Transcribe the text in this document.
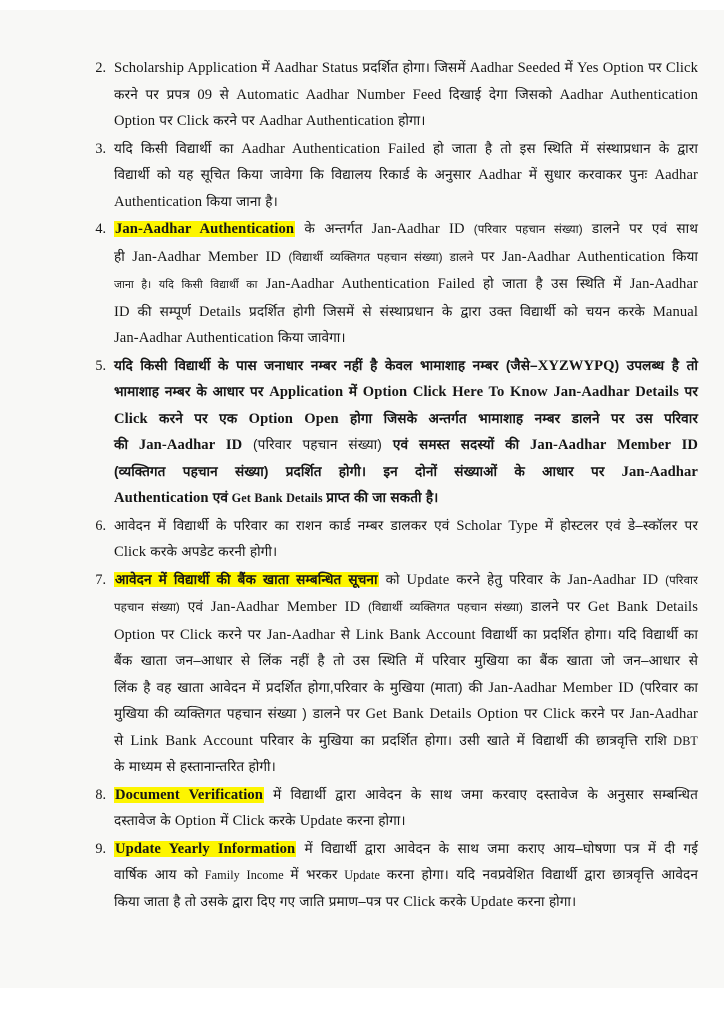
2. Scholarship Application में Aadhar Status प्रदर्शित होगा। जिसमें Aadhar Seeded में Yes Option पर Click
करने पर प्रपत्र 09 से Automatic Aadhar Number Feed दिखाई देगा जिसको Aadhar Authentication
Option पर Click करने पर Aadhar Authentication होगा।
3. यदि किसी विद्यार्थी का Aadhar Authentication Failed हो जाता है तो इस स्थिति में संस्थाप्रधान के द्वारा
विद्यार्थी को यह सूचित किया जावेगा कि विद्यालय रिकार्ड के अनुसार Aadhar में सुधार करवाकर पुनः Aadhar
Authentication किया जाना है।
4. Jan-Aadhar Authentication के अन्तर्गत Jan-Aadhar ID (परिवार पहचान संख्या) डालने पर एवं साथ
ही Jan-Aadhar Member ID (विद्यार्थी व्यक्तिगत पहचान संख्या) डालने पर Jan-Aadhar Authentication किया
जाना है। यदि किसी विद्यार्थी का Jan-Aadhar Authentication Failed हो जाता है उस स्थिति में Jan-Aadhar
ID की सम्पूर्ण Details प्रदर्शित होगी जिसमें से संस्थाप्रधान के द्वारा उक्त विद्यार्थी को चयन करके Manual
Jan-Aadhar Authentication किया जावेगा।
5. यदि किसी विद्यार्थी के पास जनाधार नम्बर नहीं है केवल भामाशाह नम्बर (जैसे–XYZWYPQ) उपलब्ध है तो
भामाशाह नम्बर के आधार पर Application में Option Click Here To Know Jan-Aadhar Details पर
Click करने पर एक Option Open होगा जिसके अन्तर्गत भामाशाह नम्बर डालने पर उस परिवार
की Jan-Aadhar ID (परिवार पहचान संख्या) एवं समस्त सदस्यों की Jan-Aadhar Member ID
(व्यक्तिगत पहचान संख्या) प्रदर्शित होगी। इन दोनों संख्याओं के आधार पर Jan-Aadhar
Authentication एवं Get Bank Details प्राप्त की जा सकती है।
6. आवेदन में विद्यार्थी के परिवार का राशन कार्ड नम्बर डालकर एवं Scholar Type में होस्टलर एवं डे–स्कॉलर पर
Click करके अपडेट करनी होगी।
7. आवेदन में विद्यार्थी की बैंक खाता सम्बन्धित सूचना को Update करने हेतु परिवार के Jan-Aadhar ID (परिवार
पहचान संख्या) एवं Jan-Aadhar Member ID (विद्यार्थी व्यक्तिगत पहचान संख्या) डालने पर Get Bank Details
Option पर Click करने पर Jan-Aadhar से Link Bank Account विद्यार्थी का प्रदर्शित होगा। यदि विद्यार्थी का
बैंक खाता जन–आधार से लिंक नहीं है तो उस स्थिति में परिवार मुखिया का बैंक खाता जो जन–आधार से
लिंक है वह खाता आवेदन में प्रदर्शित होगा,परिवार के मुखिया (माता) की Jan-Aadhar Member ID (परिवार का
मुखिया की व्यक्तिगत पहचान संख्या ) डालने पर Get Bank Details Option पर Click करने पर Jan-Aadhar
से Link Bank Account परिवार के मुखिया का प्रदर्शित होगा। उसी खाते में विद्यार्थी की छात्रवृत्ति राशि DBT
के माध्यम से हस्तानान्तरित होगी।
8. Document Verification में विद्यार्थी द्वारा आवेदन के साथ जमा करवाए दस्तावेज के अनुसार सम्बन्धित
दस्तावेज के Option में Click करके Update करना होगा।
9. Update Yearly Information में विद्यार्थी द्वारा आवेदन के साथ जमा कराए आय–घोषणा पत्र में दी गई
वार्षिक आय को Family Income में भरकर Update करना होगा। यदि नवप्रवेशित विद्यार्थी द्वारा छात्रवृत्ति आवेदन
किया जाता है तो उसके द्वारा दिए गए जाति प्रमाण–पत्र पर Click करके Update करना होगा।
